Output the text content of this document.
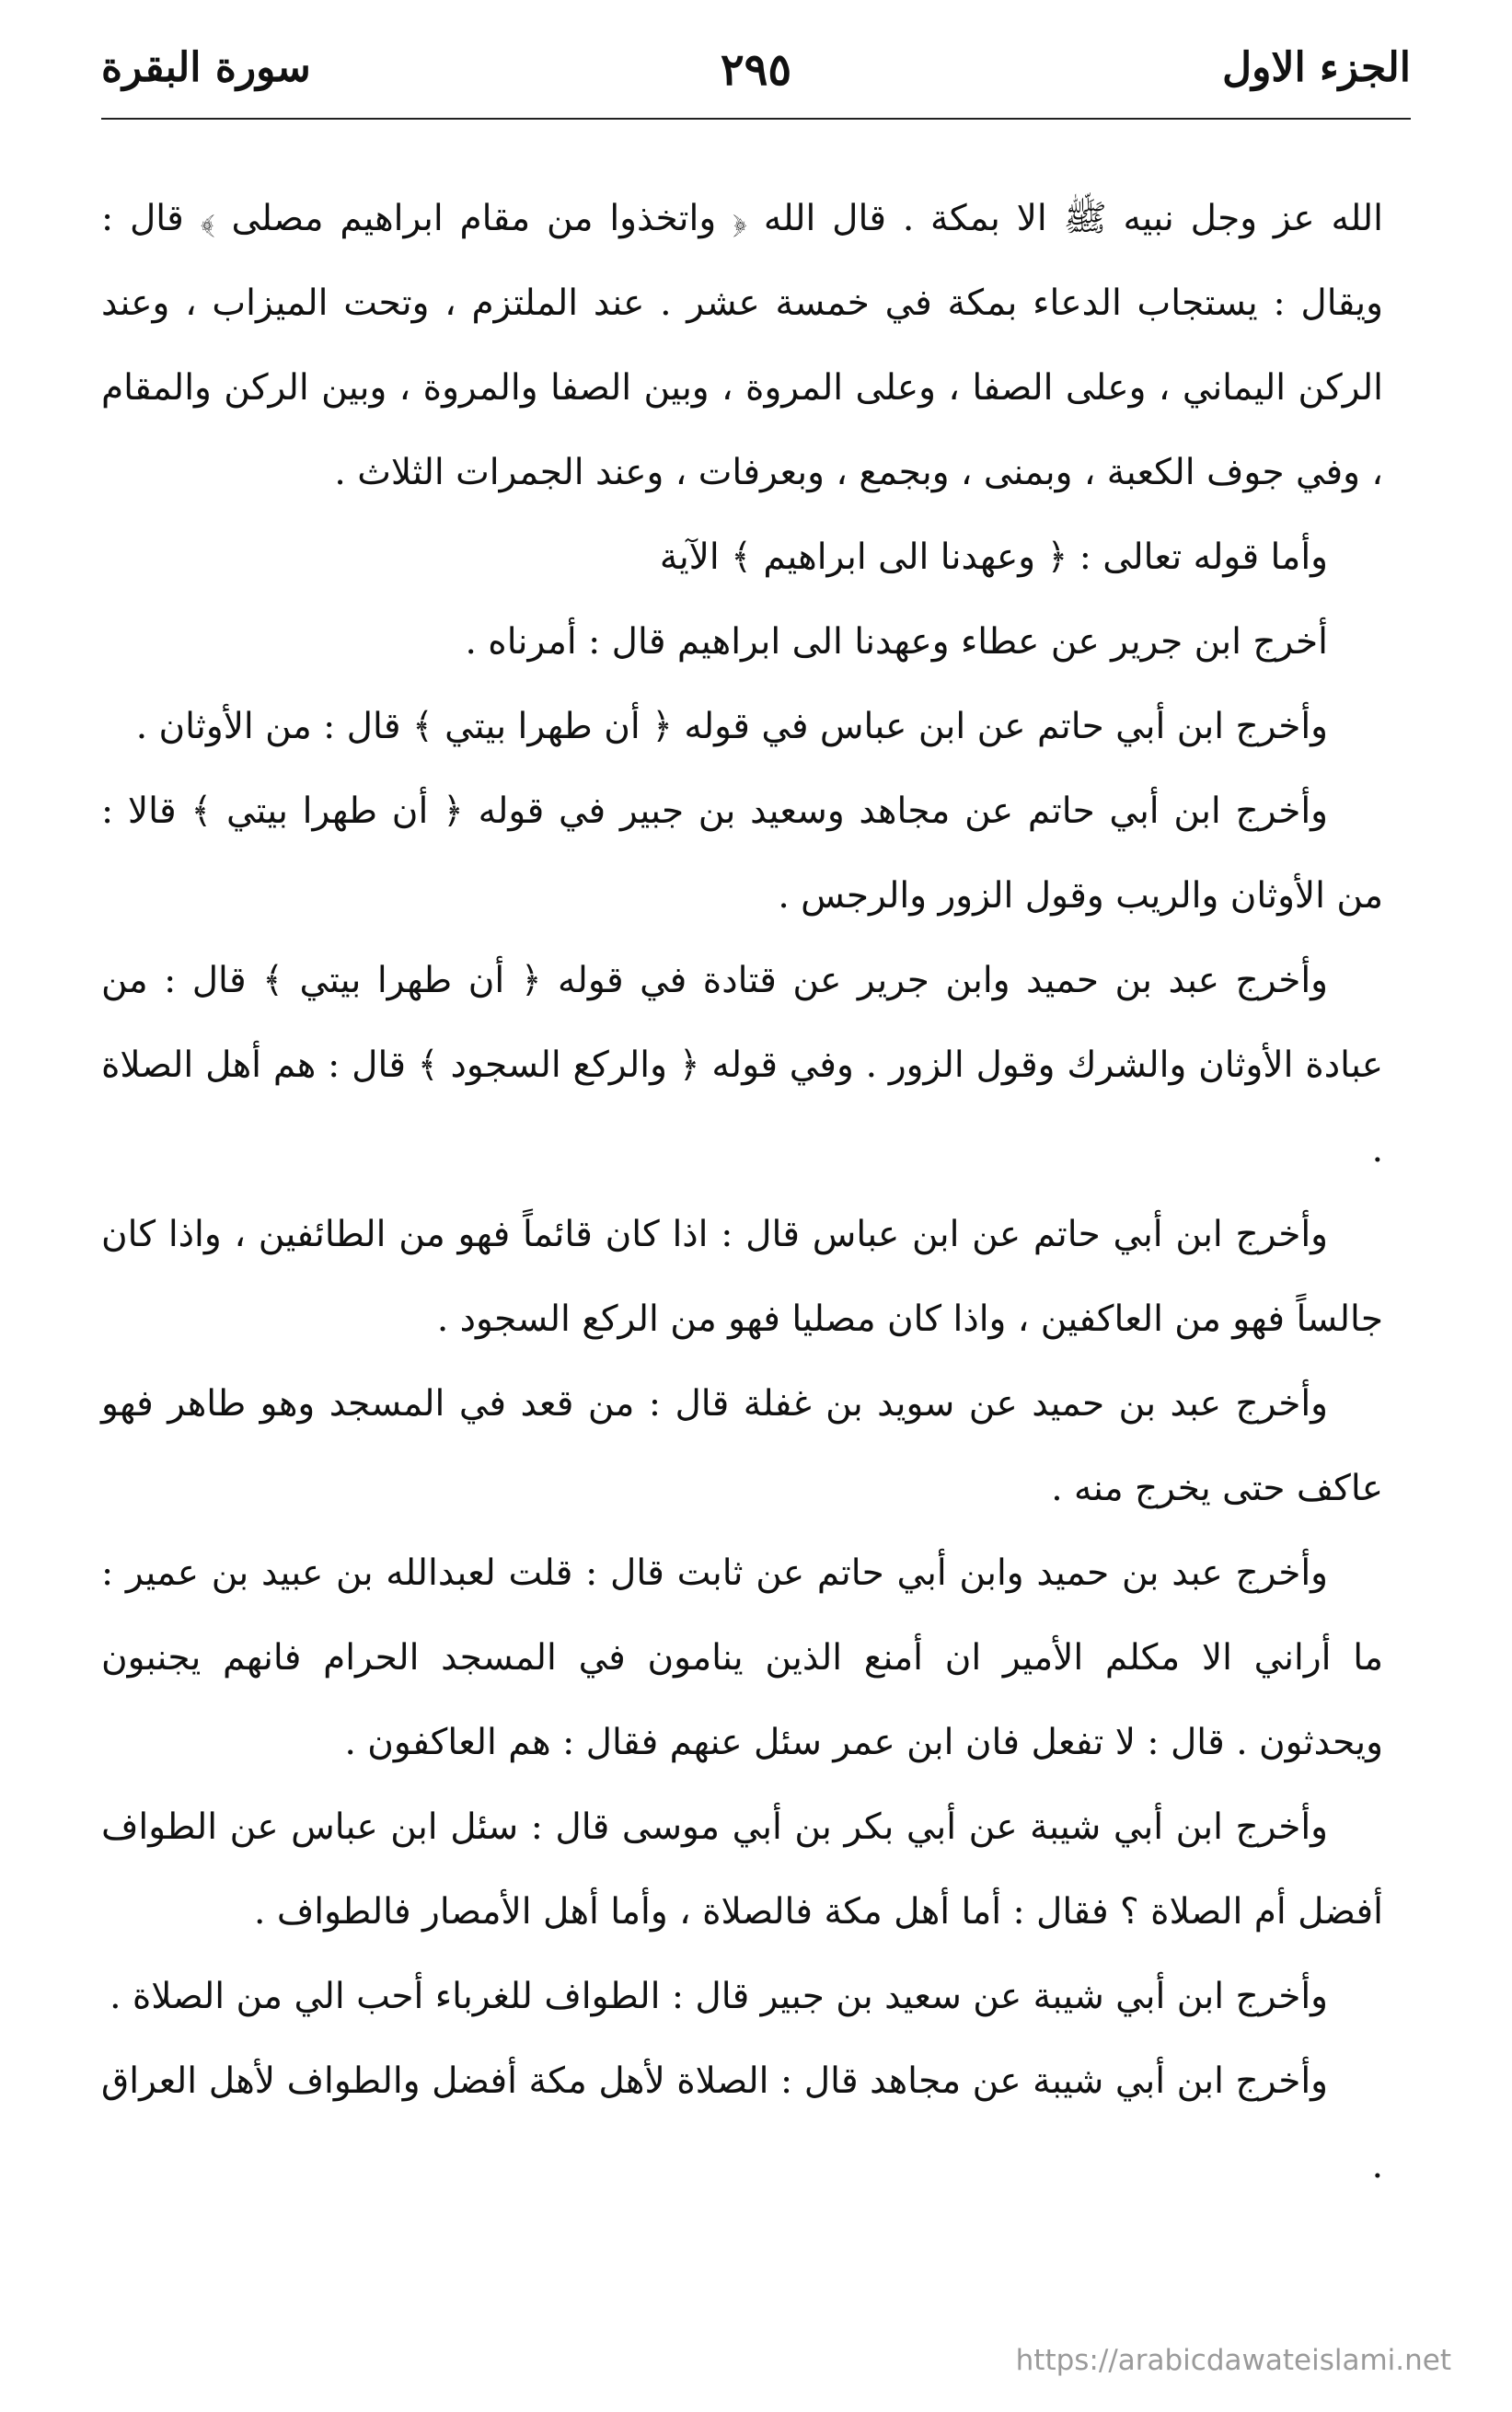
الجزء الاول
٢٩٥
سورة البقرة

الله عز وجل نبيه ﷺ الا بمكة . قال الله ﴿ واتخذوا من مقام ابراهيم مصلى ﴾ قال : ويقال : يستجاب الدعاء بمكة في خمسة عشر . عند الملتزم ، وتحت الميزاب ، وعند الركن اليماني ، وعلى الصفا ، وعلى المروة ، وبين الصفا والمروة ، وبين الركن والمقام ، وفي جوف الكعبة ، وبمنى ، وبجمع ، وبعرفات ، وعند الجمرات الثلاث .

وأما قوله تعالى : ﴿ وعهدنا الى ابراهيم ﴾ الآية

أخرج ابن جرير عن عطاء وعهدنا الى ابراهيم قال : أمرناه .

وأخرج ابن أبي حاتم عن ابن عباس في قوله ﴿ أن طهرا بيتي ﴾ قال : من الأوثان .

وأخرج ابن أبي حاتم عن مجاهد وسعيد بن جبير في قوله ﴿ أن طهرا بيتي ﴾ قالا : من الأوثان والريب وقول الزور والرجس .

وأخرج عبد بن حميد وابن جرير عن قتادة في قوله ﴿ أن طهرا بيتي ﴾ قال : من عبادة الأوثان والشرك وقول الزور . وفي قوله ﴿ والركع السجود ﴾ قال : هم أهل الصلاة .

وأخرج ابن أبي حاتم عن ابن عباس قال : اذا كان قائماً فهو من الطائفين ، واذا كان جالساً فهو من العاكفين ، واذا كان مصليا فهو من الركع السجود .

وأخرج عبد بن حميد عن سويد بن غفلة قال : من قعد في المسجد وهو طاهر فهو عاكف حتى يخرج منه .

وأخرج عبد بن حميد وابن أبي حاتم عن ثابت قال : قلت لعبدالله بن عبيد بن عمير : ما أراني الا مكلم الأمير ان أمنع الذين ينامون في المسجد الحرام فانهم يجنبون ويحدثون . قال : لا تفعل فان ابن عمر سئل عنهم فقال : هم العاكفون .

وأخرج ابن أبي شيبة عن أبي بكر بن أبي موسى قال : سئل ابن عباس عن الطواف أفضل أم الصلاة ؟ فقال : أما أهل مكة فالصلاة ، وأما أهل الأمصار فالطواف .

وأخرج ابن أبي شيبة عن سعيد بن جبير قال : الطواف للغرباء أحب الي من الصلاة .

وأخرج ابن أبي شيبة عن مجاهد قال : الصلاة لأهل مكة أفضل والطواف لأهل العراق .

https://arabicdawateislami.net
